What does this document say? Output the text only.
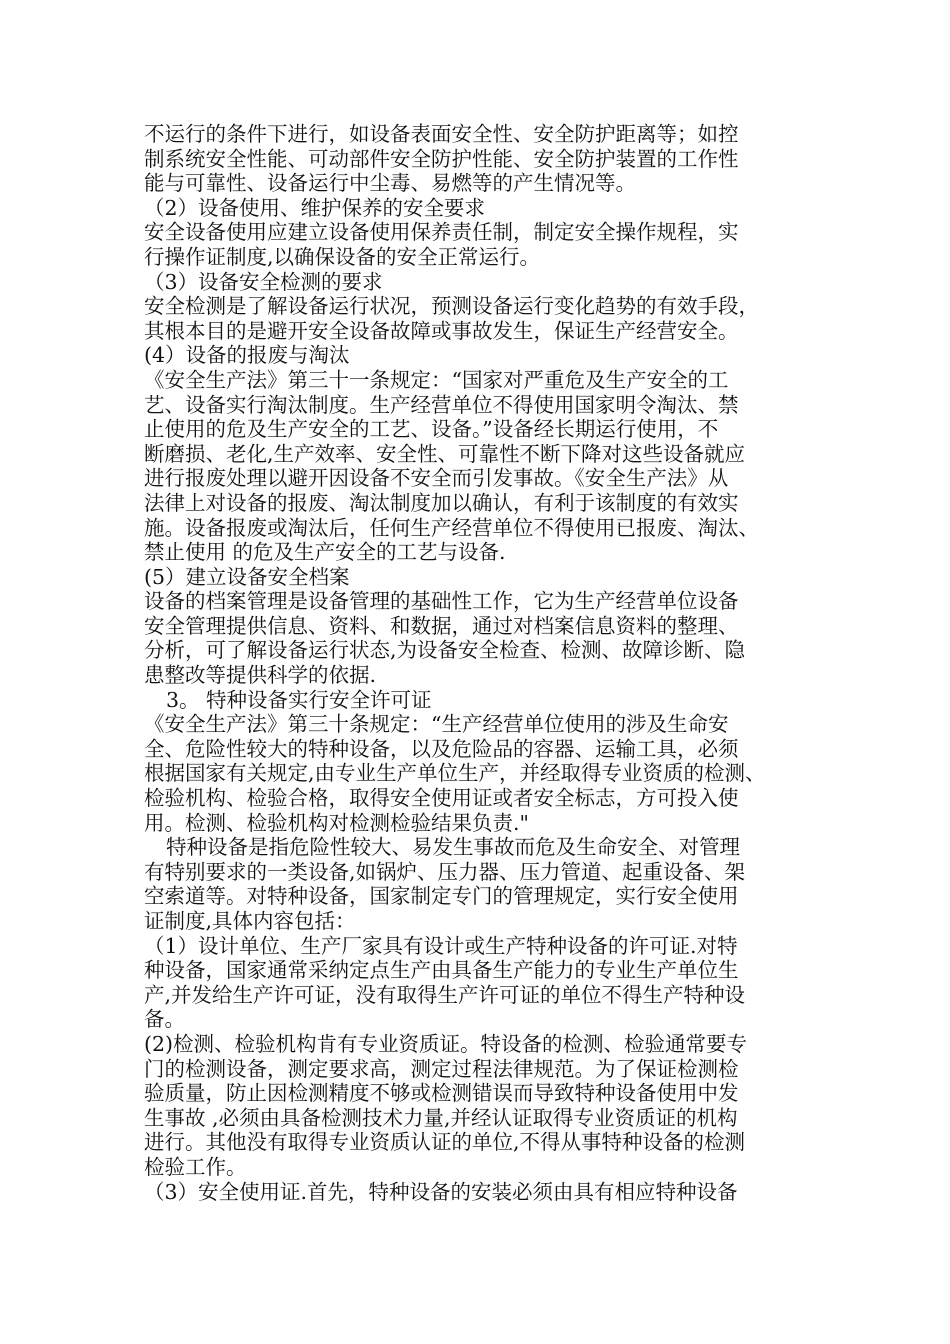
不运行的条件下进行，如设备表面安全性、安全防护距离等；如控
制系统安全性能、可动部件安全防护性能、安全防护装置的工作性
能与可靠性、设备运行中尘毒、易燃等的产生情况等。
（2）设备使用、维护保养的安全要求
安全设备使用应建立设备使用保养责任制，制定安全操作规程，实
行操作证制度,以确保设备的安全正常运行。
（3）设备安全检测的要求
安全检测是了解设备运行状况，预测设备运行变化趋势的有效手段，
其根本目的是避开安全设备故障或事故发生，保证生产经营安全。
(4）设备的报废与淘汰
《安全生产法》第三十一条规定：“国家对严重危及生产安全的工
艺、设备实行淘汰制度。生产经营单位不得使用国家明令淘汰、禁
止使用的危及生产安全的工艺、设备。”设备经长期运行使用，不
断磨损、老化,生产效率、安全性、可靠性不断下降对这些设备就应
进行报废处理以避开因设备不安全而引发事故。《安全生产法》从
法律上对设备的报废、淘汰制度加以确认，有利于该制度的有效实
施。设备报废或淘汰后，任何生产经营单位不得使用已报废、淘汰、
禁止使用 的危及生产安全的工艺与设备.
(5）建立设备安全档案
设备的档案管理是设备管理的基础性工作，它为生产经营单位设备
安全管理提供信息、资料、和数据，通过对档案信息资料的整理、
分析，可了解设备运行状态,为设备安全检查、检测、故障诊断、隐
患整改等提供科学的依据.
3。 特种设备实行安全许可证
《安全生产法》第三十条规定：“生产经营单位使用的涉及生命安
全、危险性较大的特种设备，以及危险品的容器、运输工具，必须
根据国家有关规定,由专业生产单位生产，并经取得专业资质的检测、
检验机构、检验合格，取得安全使用证或者安全标志，方可投入使
用。检测、检验机构对检测检验结果负责."
特种设备是指危险性较大、易发生事故而危及生命安全、对管理
有特别要求的一类设备,如锅炉、压力器、压力管道、起重设备、架
空索道等。对特种设备，国家制定专门的管理规定，实行安全使用
证制度,具体内容包括：
（1）设计单位、生产厂家具有设计或生产特种设备的许可证.对特
种设备，国家通常采纳定点生产由具备生产能力的专业生产单位生
产,并发给生产许可证，没有取得生产许可证的单位不得生产特种设
备。
(2)检测、检验机构肯有专业资质证。特设备的检测、检验通常要专
门的检测设备，测定要求高，测定过程法律规范。为了保证检测检
验质量，防止因检测精度不够或检测错误而导致特种设备使用中发
生事故 ,必须由具备检测技术力量,并经认证取得专业资质证的机构
进行。其他没有取得专业资质认证的单位,不得从事特种设备的检测
检验工作。
（3）安全使用证.首先，特种设备的安装必须由具有相应特种设备
